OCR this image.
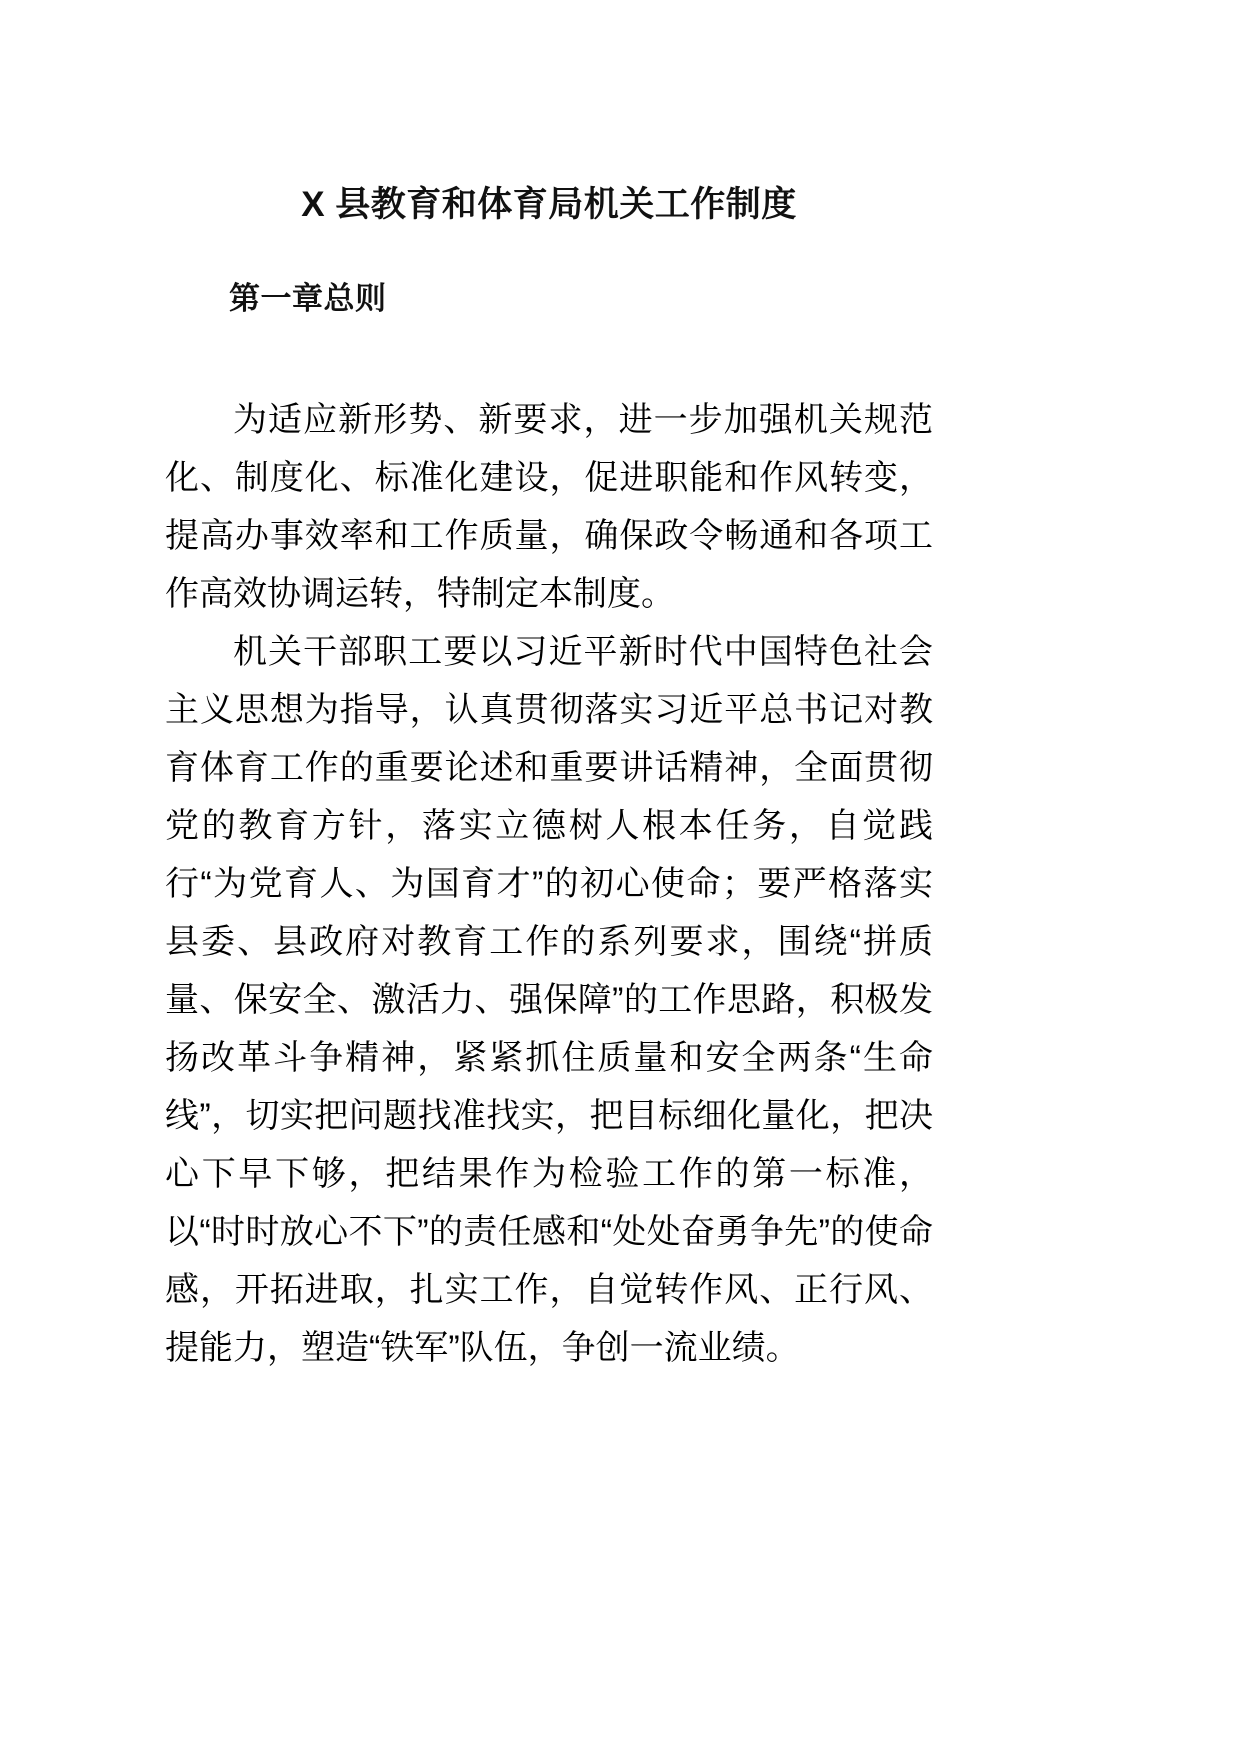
X 县教育和体育局机关工作制度
第一章总则

为适应新形势、新要求，进一步加强机关规范化、制度化、标准化建设，促进职能和作风转变，提高办事效率和工作质量，确保政令畅通和各项工作高效协调运转，特制定本制度。

机关干部职工要以习近平新时代中国特色社会主义思想为指导，认真贯彻落实习近平总书记对教育体育工作的重要论述和重要讲话精神，全面贯彻党的教育方针，落实立德树人根本任务，自觉践行“为党育人、为国育才”的初心使命；要严格落实县委、县政府对教育工作的系列要求，围绕“拼质量、保安全、激活力、强保障”的工作思路，积极发扬改革斗争精神，紧紧抓住质量和安全两条“生命线”，切实把问题找准找实，把目标细化量化，把决心下早下够，把结果作为检验工作的第一标准，以“时时放心不下”的责任感和“处处奋勇争先”的使命感，开拓进取，扎实工作，自觉转作风、正行风、提能力，塑造“铁军”队伍，争创一流业绩。
